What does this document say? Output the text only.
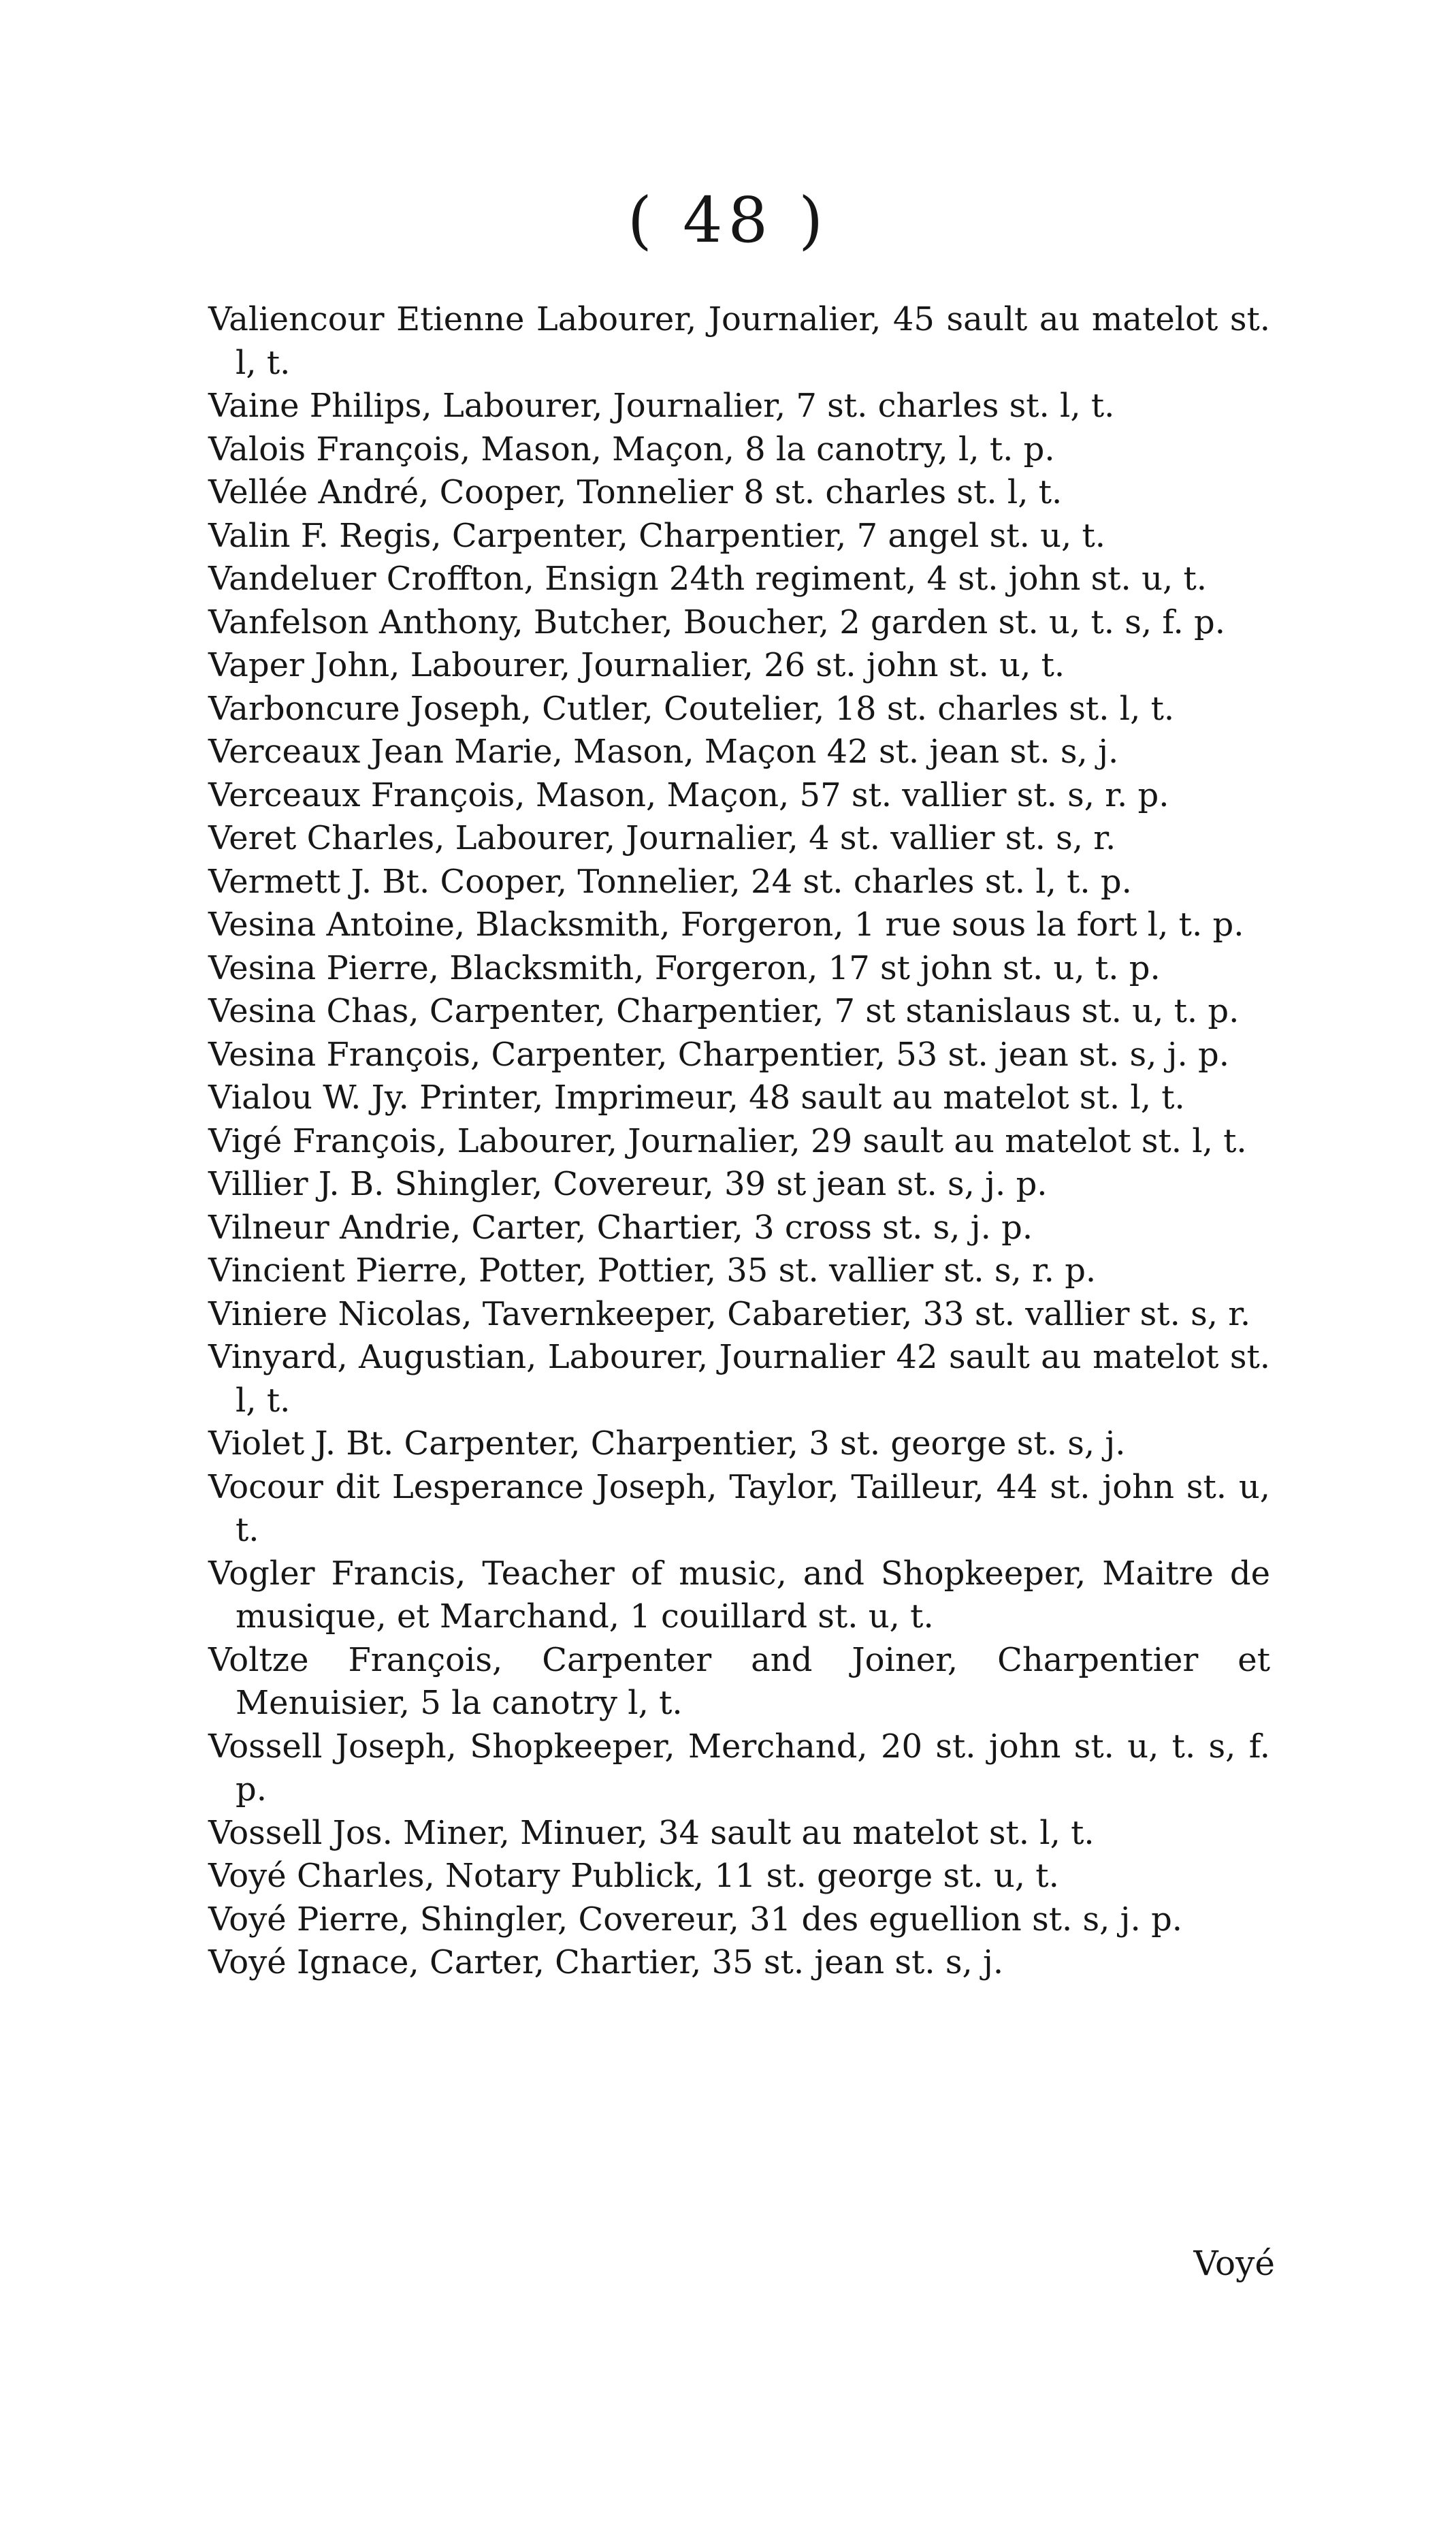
( 48 )
Valiencour Etienne Labourer, Journalier, 45 sault au matelot st. l, t.
Vaine Philips, Labourer, Journalier, 7 st. charles st. l, t.
Valois François, Mason, Maçon, 8 la canotry, l, t. p.
Vellée André, Cooper, Tonnelier 8 st. charles st. l, t.
Valin F. Regis, Carpenter, Charpentier, 7 angel st. u, t.
Vandeluer Croffton, Ensign 24th regiment, 4 st. john st. u, t.
Vanfelson Anthony, Butcher, Boucher, 2 garden st. u, t. s, f. p.
Vaper John, Labourer, Journalier, 26 st. john st. u, t.
Varboncure Joseph, Cutler, Coutelier, 18 st. charles st. l, t.
Verceaux Jean Marie, Mason, Maçon 42 st. jean st. s, j.
Verceaux François, Mason, Maçon, 57 st. vallier st. s, r. p.
Veret Charles, Labourer, Journalier, 4 st. vallier st. s, r.
Vermett J. Bt. Cooper, Tonnelier, 24 st. charles st. l, t. p.
Vesina Antoine, Blacksmith, Forgeron, 1 rue sous la fort l, t. p.
Vesina Pierre, Blacksmith, Forgeron, 17 st john st. u, t. p.
Vesina Chas, Carpenter, Charpentier, 7 st stanislaus st. u, t. p.
Vesina François, Carpenter, Charpentier, 53 st. jean st. s, j. p.
Vialou W. Jy. Printer, Imprimeur, 48 sault au matelot st. l, t.
Vigé François, Labourer, Journalier, 29 sault au matelot st. l, t.
Villier J. B. Shingler, Covereur, 39 st jean st. s, j. p.
Vilneur Andrie, Carter, Chartier, 3 cross st. s, j. p.
Vincient Pierre, Potter, Pottier, 35 st. vallier st. s, r. p.
Viniere Nicolas, Tavernkeeper, Cabaretier, 33 st. vallier st. s, r.
Vinyard, Augustian, Labourer, Journalier 42 sault au matelot st. l, t.
Violet J. Bt. Carpenter, Charpentier, 3 st. george st. s, j.
Vocour dit Lesperance Joseph, Taylor, Tailleur, 44 st. john st. u, t.
Vogler Francis, Teacher of music, and Shopkeeper, Maitre de musique, et Marchand, 1 couillard st. u, t.
Voltze François, Carpenter and Joiner, Charpentier et Menuisier, 5 la canotry l, t.
Vossell Joseph, Shopkeeper, Merchand, 20 st. john st. u, t. s, f. p.
Vossell Jos. Miner, Minuer, 34 sault au matelot st. l, t.
Voyé Charles, Notary Publick, 11 st. george st. u, t.
Voyé Pierre, Shingler, Covereur, 31 des eguellion st. s, j. p.
Voyé Ignace, Carter, Chartier, 35 st. jean st. s, j.
Voyé
